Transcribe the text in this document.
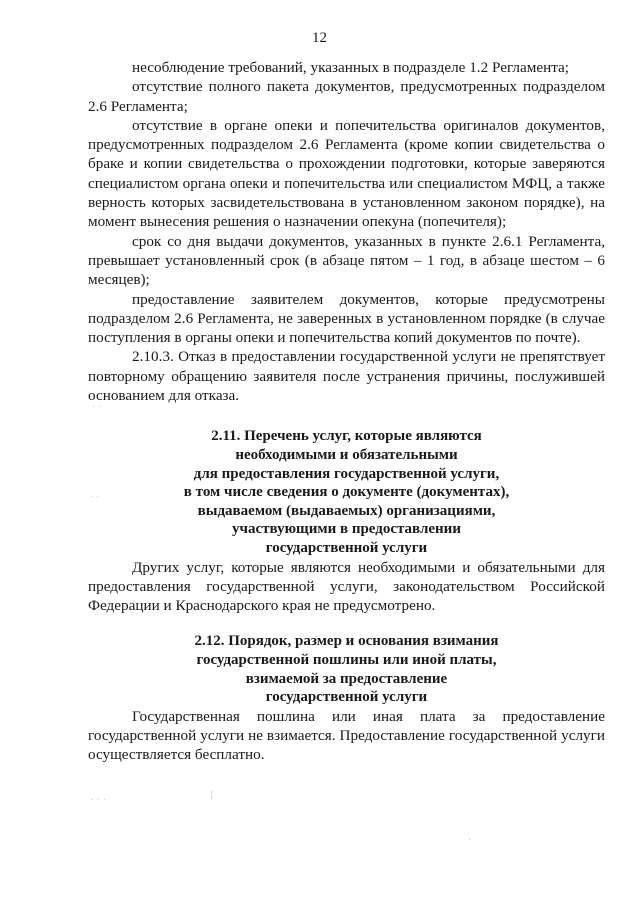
12

несоблюдение требований, указанных в подразделе 1.2 Регламента;

отсутствие полного пакета документов, предусмотренных подразделом 2.6 Регламента;

отсутствие в органе опеки и попечительства оригиналов документов, предусмотренных подразделом 2.6 Регламента (кроме копии свидетельства о браке и копии свидетельства о прохождении подготовки, которые заверяются специалистом органа опеки и попечительства или специалистом МФЦ, а также верность которых засвидетельствована в установленном законом порядке), на момент вынесения решения о назначении опекуна (попечителя);

срок со дня выдачи документов, указанных в пункте 2.6.1 Регламента, превышает установленный срок (в абзаце пятом – 1 год, в абзаце шестом – 6 месяцев);

предоставление заявителем документов, которые предусмотрены подразделом 2.6 Регламента, не заверенных в установленном порядке (в случае поступления в органы опеки и попечительства копий документов по почте).

2.10.3. Отказ в предоставлении государственной услуги не препятствует повторному обращению заявителя после устранения причины, послужившей основанием для отказа.

2.11. Перечень услуг, которые являются
необходимыми и обязательными
для предоставления государственной услуги,
в том числе сведения о документе (документах),
выдаваемом (выдаваемых) организациями,
участвующими в предоставлении
государственной услуги

Других услуг, которые являются необходимыми и обязательными для предоставления государственной услуги, законодательством Российской Федерации и Краснодарского края не предусмотрено.

2.12. Порядок, размер и основания взимания
государственной пошлины или иной платы,
взимаемой за предоставление
государственной услуги

Государственная пошлина или иная плата за предоставление государственной услуги не взимается. Предоставление государственной услуги осуществляется бесплатно.

· ·
· ·
· · ·	¦
·
